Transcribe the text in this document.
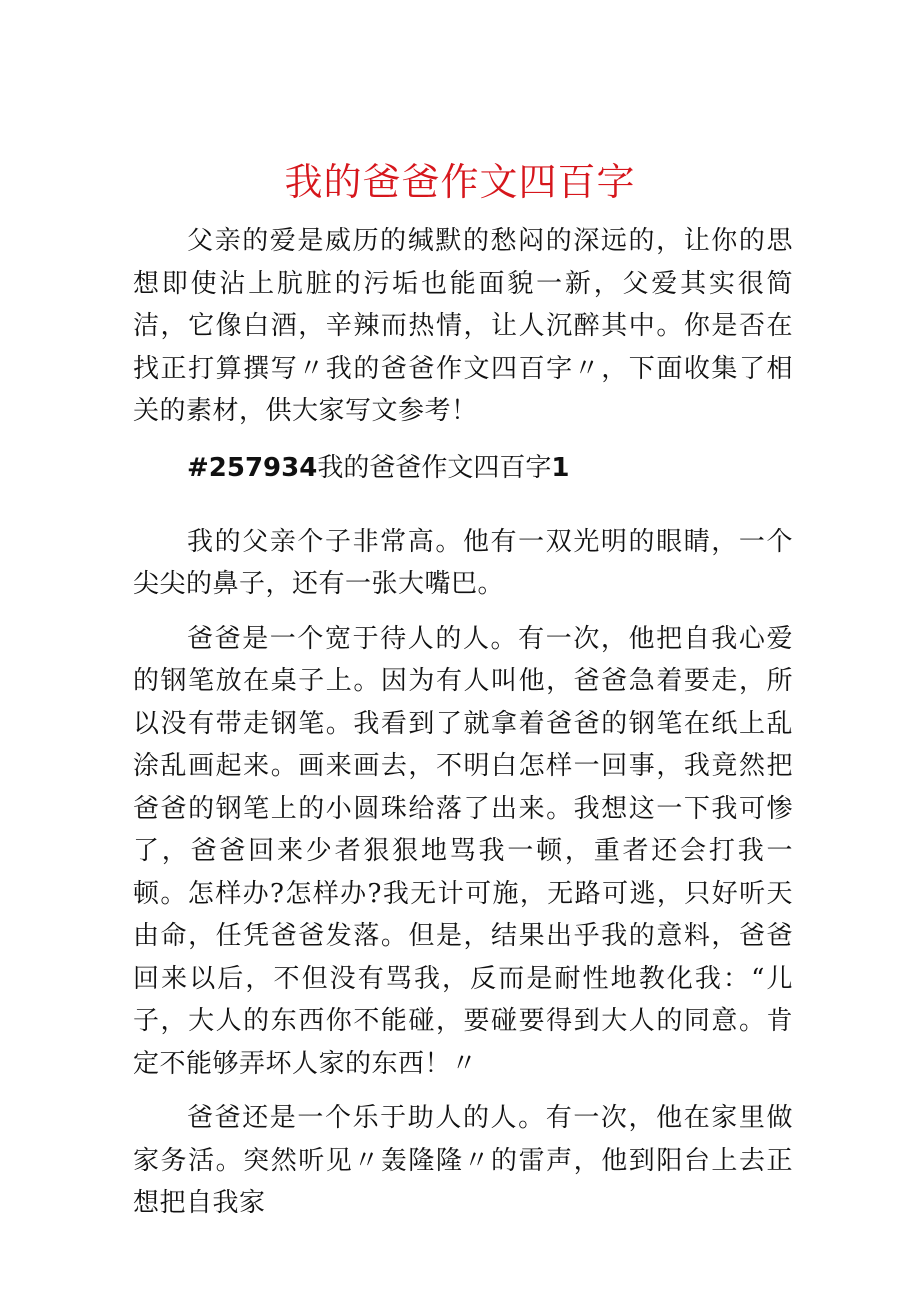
我的爸爸作文四百字

父亲的爱是威历的缄默的愁闷的深远的，让你的思想即使沾上肮脏的污垢也能面貌一新，父爱其实很简洁，它像白酒，辛辣而热情，让人沉醉其中。你是否在找正打算撰写〃我的爸爸作文四百字〃，下面收集了相关的素材，供大家写文参考！

#257934我的爸爸作文四百字1

我的父亲个子非常高。他有一双光明的眼睛，一个尖尖的鼻子，还有一张大嘴巴。

爸爸是一个宽于待人的人。有一次，他把自我心爱的钢笔放在桌子上。因为有人叫他，爸爸急着要走，所以没有带走钢笔。我看到了就拿着爸爸的钢笔在纸上乱涂乱画起来。画来画去，不明白怎样一回事，我竟然把爸爸的钢笔上的小圆珠给落了出来。我想这一下我可惨了，爸爸回来少者狠狠地骂我一顿，重者还会打我一顿。怎样办?怎样办?我无计可施，无路可逃，只好听天由命，任凭爸爸发落。但是，结果出乎我的意料，爸爸回来以后，不但没有骂我，反而是耐性地教化我：“儿子，大人的东西你不能碰，要碰要得到大人的同意。肯定不能够弄坏人家的东西！〃

爸爸还是一个乐于助人的人。有一次，他在家里做家务活。突然听见〃轰隆隆〃的雷声，他到阳台上去正想把自我家
